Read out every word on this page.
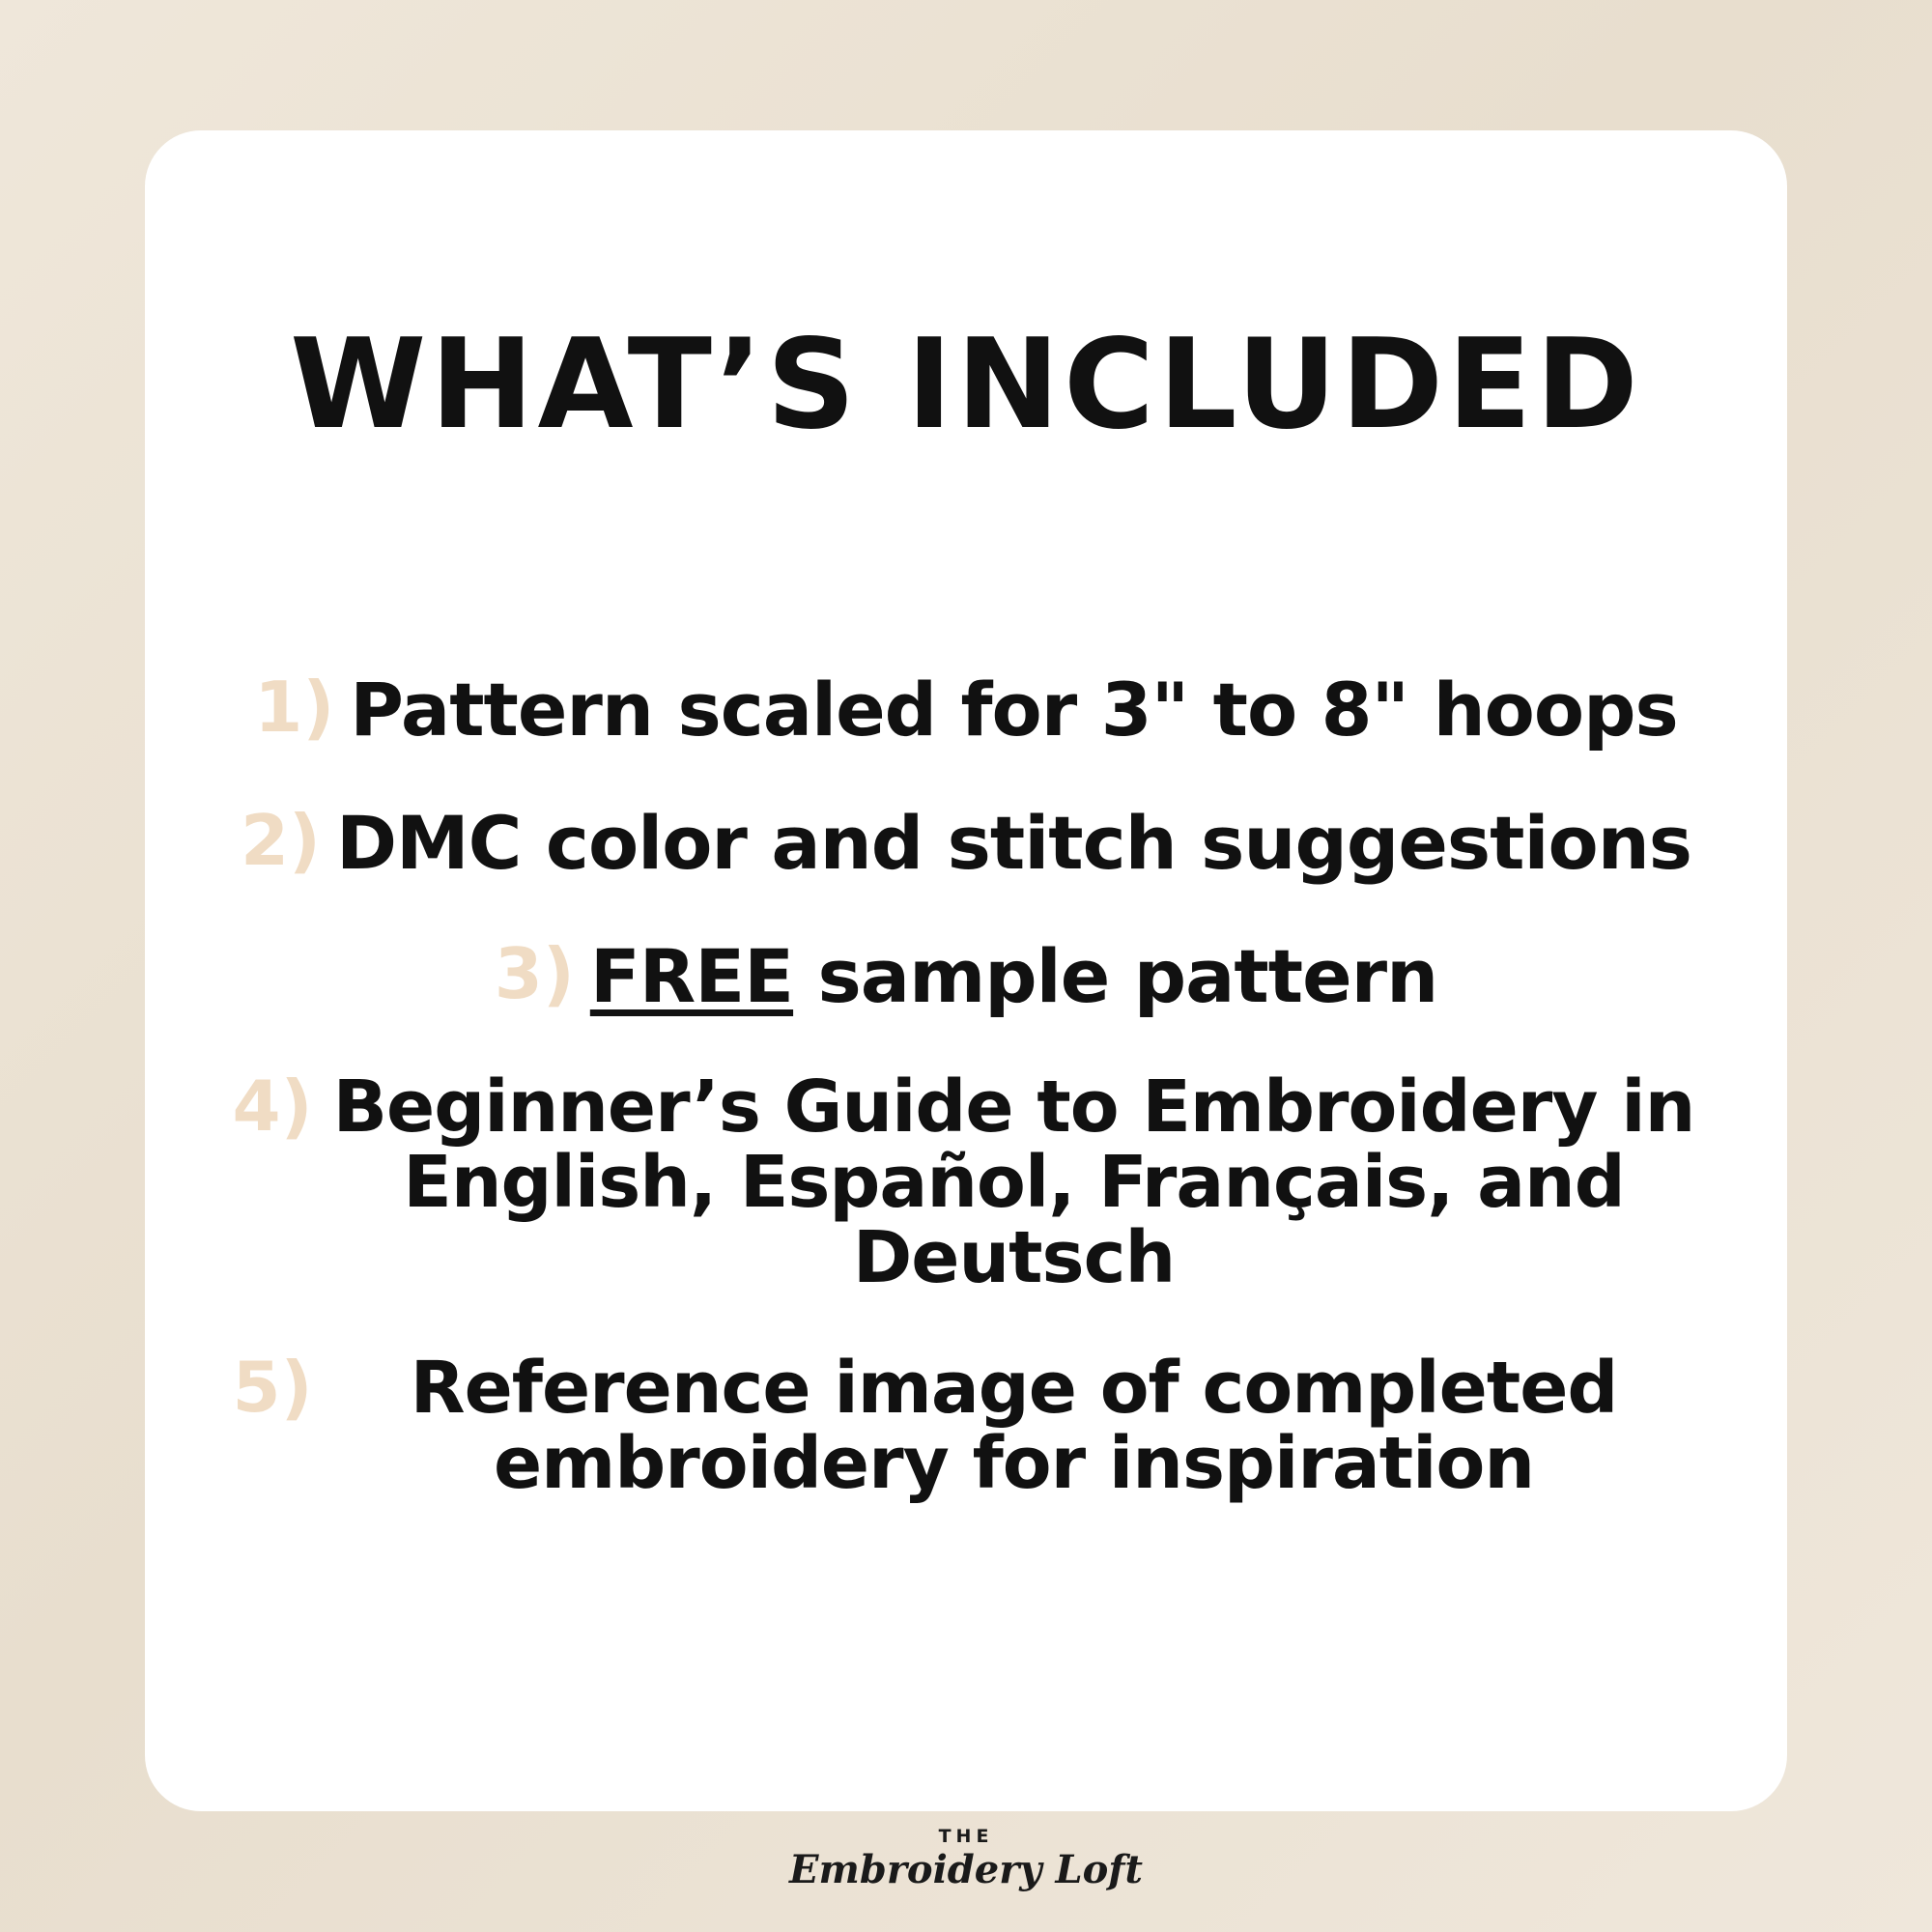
WHAT’S INCLUDED
1) Pattern scaled for 3" to 8" hoops
2) DMC color and stitch suggestions
3) FREE sample pattern
4) Beginner’s Guide to Embroidery in English, Español, Français, and Deutsch
5)	Reference image of completed embroidery for inspiration
THE
Embroidery Loft
